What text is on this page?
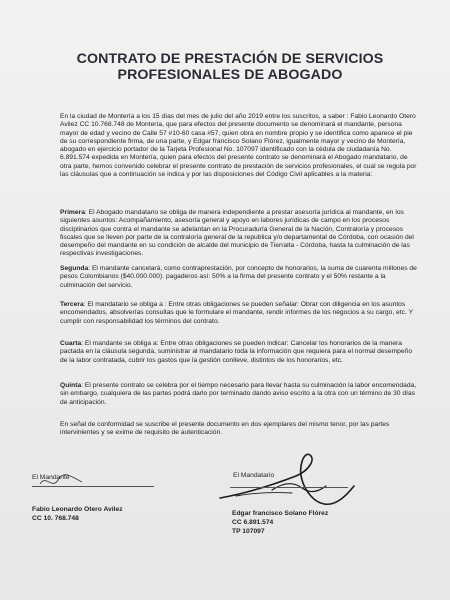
CONTRATO DE PRESTACIÓN DE SERVICIOS
PROFESIONALES DE ABOGADO
En la ciudad de Montería a los 15 días del mes de julio del año 2019 entre los suscritos, a saber : Fabio Leonardo Otero Avilez CC 10.768.748 de Montería, que para efectos del presente documento se denominará el mandante, persona mayor de edad y vecino de Calle 57 #10-60 casa #57, quien obra en nombre propio y se identifica como aparece el pie de su correspondiente firma, de una parte, y Edgar francisco Solano Flórez, igualmente mayor y vecino de Montería, abogado en ejercicio portador de la Tarjeta Profesional No. 107097 identificado con la cédula de ciudadanía No. 6.891.574 expedida en Montería, quien para efectos del presente contrato se denominará el Abogado mandatario, de otra parte, hemos convenido celebrar el presente contrato de prestación de servicios profesionales, el cual se regula por las cláusulas que a continuación se indica y por las disposiciones del Código Civil aplicables a la materia:
Primera: El Abogado mandatario se obliga de manera independiente a prestar asesoría jurídica al mandante, en los siguientes asuntos: Acompañamiento, asesoría general y apoyo en labores jurídicas de campo en los procesos disciplinarios que contra el mandante se adelantan en la Procuraduría General de la Nación, Contraloría y procesos fiscales que se lleven por parte de la contraloría general de la republica y/o departamental de Córdoba, con ocasión del desempeño del mandante en su condición de alcalde del municipio de Tierralta - Córdoba, hasta la culminación de las respectivas investigaciones.
Segunda: El mandante cancelará, como contraprestación, por concepto de honorarios, la suma de cuarenta millones de pesos Colombianos ($40.000.000). pagaderos así: 50% a la firma del presente contrato y el 50% restante a la culminación del servicio.
Tercera: El mandatario se obliga a : Entre otras obligaciones se pueden señalar: Obrar con diligencia en los asuntos encomendados, absolverías consultas que le formulare el mandante, rendir informes de los negocios a su cargo, etc. Y cumplir con responsabilidad los términos del contrato.
Cuarta: El mandante se obliga a: Entre otras obligaciones se pueden indicar: Cancelar los honorarios de la manera pactada en la cláusula segunda, suministrar al mandatario toda la información que requiera para el normal desempeño de la labor contratada, cubrir los gastos que la gestión conlleve, distintos de los honorarios, etc.
Quinta: El presente contrato se celebra por el tiempo necesario para llevar hasta su culminación la labor encomendada, sin embargo, cualquiera de las partes podrá darlo por terminado dando aviso escrito a la otra con un término de 30 días de anticipación.
En señal de conformidad se suscribe el presente documento en dos ejemplares del mismo tenor, por las partes intervinientes y se exime de requisito de autenticación.
El Mandante
Fabio Leonardo Otero Avilez
CC 10. 768.748
El Mandatario
Edgar francisco Solano Flórez
CC 6.891.574
TP 107097
